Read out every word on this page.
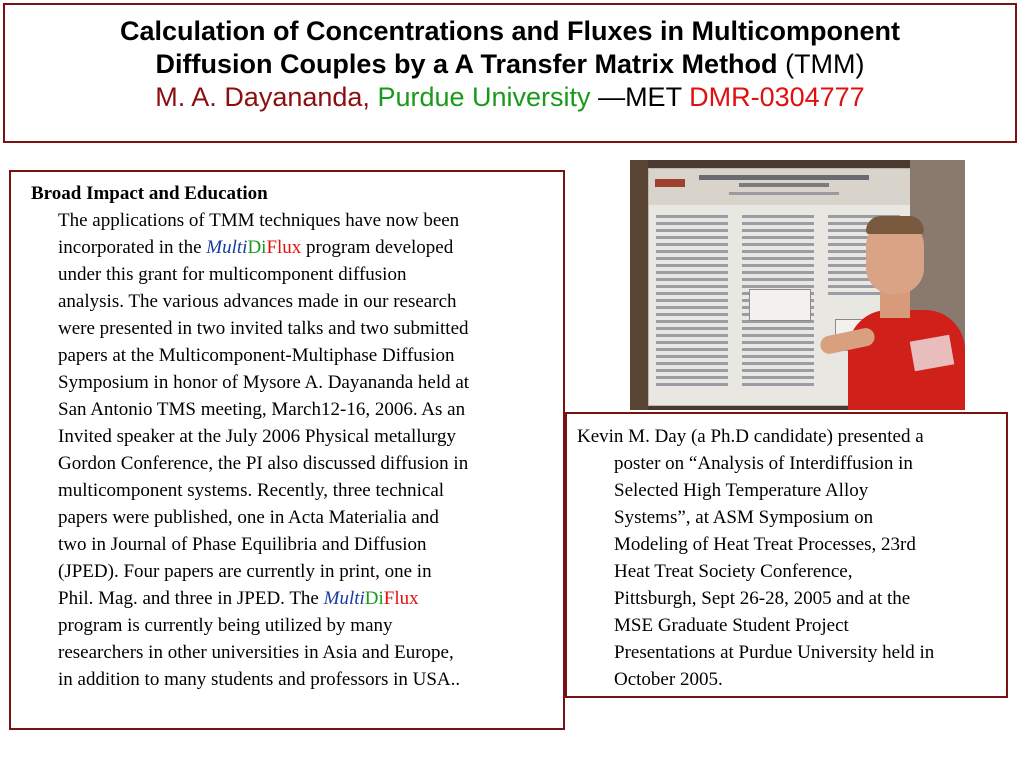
Calculation of Concentrations and Fluxes in Multicomponent
Diffusion Couples by a A Transfer Matrix Method (TMM)
M. A. Dayananda, Purdue University —MET DMR-0304777
Broad Impact and Education

The applications of TMM techniques have now been
incorporated in the MultiDiFlux program developed
under this grant for multicomponent diffusion
analysis. The various advances made in our research
were presented in two invited talks and two submitted
papers at the Multicomponent-Multiphase Diffusion
Symposium in honor of Mysore A. Dayananda held at
San Antonio TMS meeting, March12-16, 2006. As an
Invited speaker at the July 2006 Physical metallurgy
Gordon Conference, the PI also discussed diffusion in
multicomponent systems. Recently, three technical
papers were published, one in Acta Materialia and
two in Journal of Phase Equilibria and Diffusion
(JPED). Four papers are currently in print, one in
Phil. Mag. and three in JPED. The MultiDiFlux
program is currently being utilized by many
researchers in other universities in Asia and Europe,
in addition to many students and professors in USA..

Kevin M. Day (a Ph.D candidate) presented a
poster on “Analysis of Interdiffusion in
Selected High Temperature Alloy
Systems”, at ASM Symposium on
Modeling of Heat Treat Processes, 23rd
Heat Treat Society Conference,
Pittsburgh, Sept 26-28, 2005 and at the
MSE Graduate Student Project
Presentations at Purdue University held in
October 2005.
